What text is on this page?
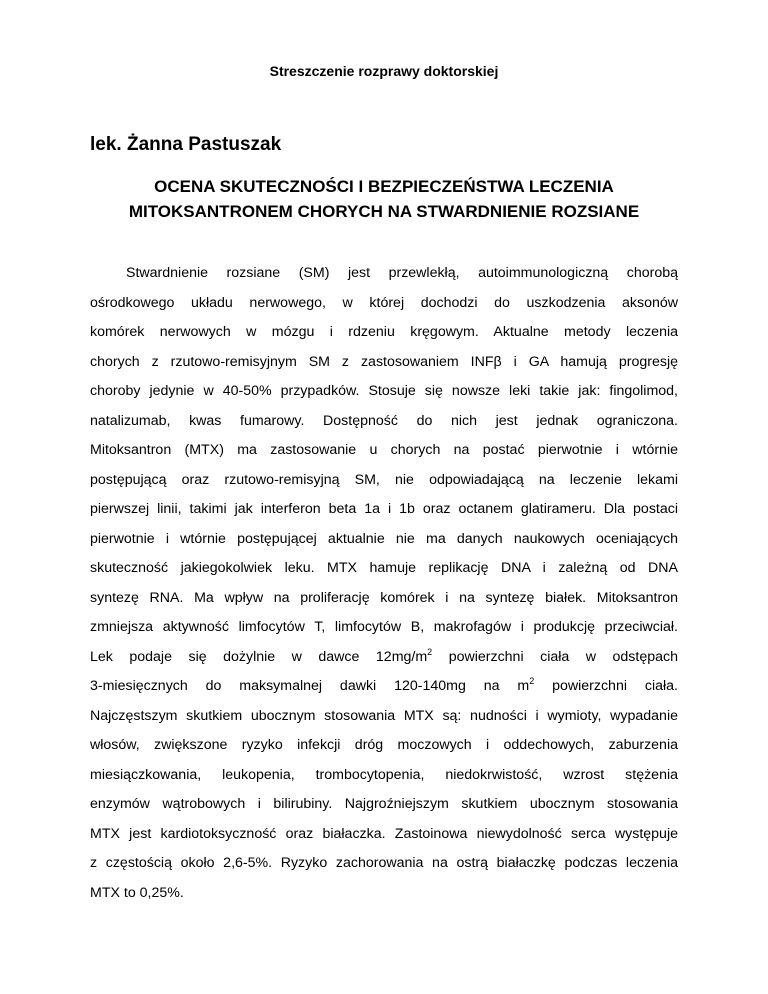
Streszczenie rozprawy doktorskiej
lek. Żanna Pastuszak
OCENA SKUTECZNOŚCI I BEZPIECZEŃSTWA LECZENIA
MITOKSANTRONEM CHORYCH NA STWARDNIENIE ROZSIANE
Stwardnienie rozsiane (SM) jest przewlekłą, autoimmunologiczną chorobą
ośrodkowego układu nerwowego, w której dochodzi do uszkodzenia aksonów
komórek nerwowych w mózgu i rdzeniu kręgowym. Aktualne metody leczenia
chorych z rzutowo-remisyjnym SM z zastosowaniem INFβ i GA hamują progresję
choroby jedynie w 40-50% przypadków. Stosuje się nowsze leki takie jak: fingolimod,
natalizumab, kwas fumarowy. Dostępność do nich jest jednak ograniczona.
Mitoksantron (MTX) ma zastosowanie u chorych na postać pierwotnie i wtórnie
postępującą oraz rzutowo-remisyjną SM, nie odpowiadającą na leczenie lekami
pierwszej linii, takimi jak interferon beta 1a i 1b oraz octanem glatirameru. Dla postaci
pierwotnie i wtórnie postępującej aktualnie nie ma danych naukowych oceniających
skuteczność jakiegokolwiek leku. MTX hamuje replikację DNA i zależną od DNA
syntezę RNA. Ma wpływ na proliferację komórek i na syntezę białek. Mitoksantron
zmniejsza aktywność limfocytów T, limfocytów B, makrofagów i produkcję przeciwciał.
Lek podaje się dożylnie w dawce $12mg/m^2$ powierzchni ciała w odstępach
3-miesięcznych do maksymalnej dawki 120-140mg na $m^2$ powierzchni ciała.
Najczęstszym skutkiem ubocznym stosowania MTX są: nudności i wymioty, wypadanie
włosów, zwiększone ryzyko infekcji dróg moczowych i oddechowych, zaburzenia
miesiączkowania, leukopenia, trombocytopenia, niedokrwistość, wzrost stężenia
enzymów wątrobowych i bilirubiny. Najgroźniejszym skutkiem ubocznym stosowania
MTX jest kardiotoksyczność oraz białaczka. Zastoinowa niewydolność serca występuje
z częstością około 2,6-5%. Ryzyko zachorowania na ostrą białaczkę podczas leczenia
MTX to 0,25%.
